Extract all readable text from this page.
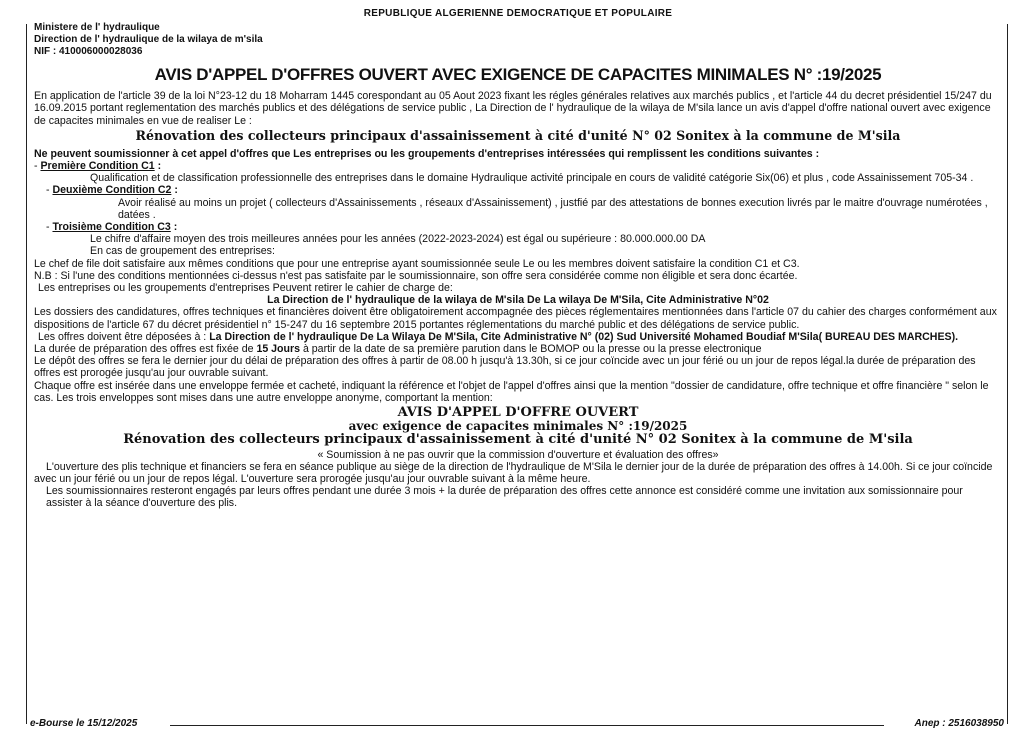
REPUBLIQUE ALGERIENNE DEMOCRATIQUE ET POPULAIRE
Ministere de l' hydraulique
Direction de l' hydraulique de la wilaya de m'sila
NIF : 410006000028036
AVIS D'APPEL D'OFFRES OUVERT AVEC EXIGENCE DE CAPACITES MINIMALES N° :19/2025

En application de l'article 39 de la loi N°23-12 du 18 Moharram 1445 corespondant au 05 Aout 2023 fixant les régles générales relatives aux marchés publics , et l'article 44 du decret présidentiel 15/247 du 16.09.2015 portant reglementation des marchés publics et des délégations de service public , La Direction de l' hydraulique de la wilaya de M'sila lance un avis d'appel d'offre national ouvert avec exigence de capacites minimales en vue de realiser Le :

Rénovation des collecteurs principaux d'assainissement à cité d'unité N° 02 Sonitex à la commune de M'sila

Ne peuvent soumissionner à cet appel d'offres que Les entreprises ou les groupements d'entreprises intéressées qui remplissent les conditions suivantes :

- Première Condition C1 :
Qualification et de classification professionnelle des entreprises dans le domaine Hydraulique activité principale en cours de validité catégorie Six(06) et plus , code Assainissement 705-34 .
- Deuxième Condition C2 :
Avoir réalisé au moins un projet ( collecteurs d'Assainissements , réseaux d'Assainissement) , justfié par des attestations de bonnes execution livrés par le maitre d'ouvrage numérotées , datées .
- Troisième Condition C3 :
Le chifre d'affaire moyen des trois meilleures années pour les années (2022-2023-2024) est égal ou supérieure : 80.000.000.00 DA
En cas de groupement des entreprises:

Le chef de file doit satisfaire aux mêmes conditions que pour une entreprise ayant soumissionnée seule Le ou les membres doivent satisfaire la condition C1 et C3.

N.B : Si l'une des conditions mentionnées ci-dessus n'est pas satisfaite par le soumissionnaire, son offre sera considérée comme non éligible et sera donc écartée.

Les entreprises ou les groupements d'entreprises Peuvent retirer le cahier de charge de:

La Direction de l' hydraulique de la wilaya de M'sila De La wilaya De M'Sila, Cite Administrative N°02

Les dossiers des candidatures, offres techniques et financières doivent être obligatoirement accompagnée des pièces réglementaires mentionnées dans l'article 07 du cahier des charges conformément aux dispositions de l'article 67 du décret présidentiel n° 15-247 du 16 septembre 2015 portantes réglementations du marché public et des délégations de service public.

Les offres doivent être déposées à : La Direction de l' hydraulique De La Wilaya De M'Sila, Cite Administrative N° (02) Sud Université Mohamed Boudiaf M'Sila( BUREAU DES MARCHES).

La durée de préparation des offres est fixée de 15 Jours à partir de la date de sa première parution dans le BOMOP ou la presse ou la presse electronique

Le dépôt des offres se fera le dernier jour du délai de préparation des offres à partir de 08.00 h jusqu'à 13.30h, si ce jour coïncide avec un jour férié ou un jour de repos légal.la durée de préparation des offres est prorogée jusqu'au jour ouvrable suivant.

Chaque offre est insérée dans une enveloppe fermée et cacheté, indiquant la référence et l'objet de l'appel d'offres ainsi que la mention "dossier de candidature, offre technique et offre financière " selon le cas. Les trois enveloppes sont mises dans une autre enveloppe anonyme, comportant la mention:

AVIS D'APPEL D'OFFRE OUVERT
avec exigence de capacites minimales N° :19/2025
Rénovation des collecteurs principaux d'assainissement à cité d'unité N° 02 Sonitex à la commune de M'sila
« Soumission à ne pas ouvrir que la commission d'ouverture et évaluation des offres»

L'ouverture des plis technique et financiers se fera en séance publique au siège de la direction de l'hydraulique de M'Sila le dernier jour de la durée de préparation des offres à 14.00h. Si ce jour coïncide avec un jour férié ou un jour de repos légal. L'ouverture sera prorogée jusqu'au jour ouvrable suivant à la même heure.

Les soumissionnaires resteront engagés par leurs offres pendant une durée 3 mois + la durée de préparation des offres cette annonce est considéré comme une invitation aux somissionnaire pour assister à la séance d'ouverture des plis.

e-Bourse le 15/12/2025	Anep : 2516038950
